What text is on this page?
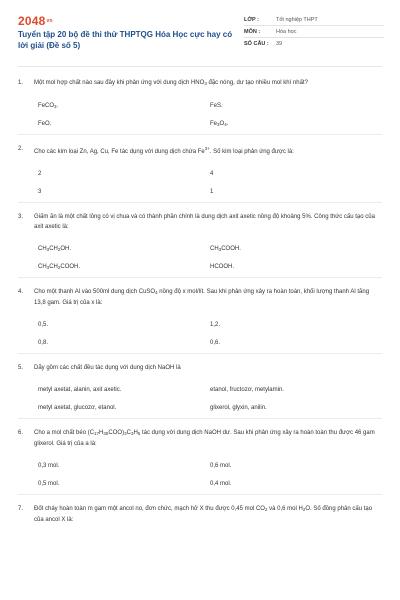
$2048^{vn}$
Tuyển tập 20 bộ đề thi thử THPTQG Hóa Học cực hay có lời giải (Đề số 5)
LỚP :	Tốt nghiệp THPT
MÔN :	Hóa học
SỐ CÂU :	39
1.	Một mol hợp chất nào sau đây khi phản ứng với dung dịch $HNO_3$ đặc nóng, dư tạo nhiều mol khí nhất?
FeCO$_3$.	FeS.
FeO.	$Fe_3O_4$.
2.	Cho các kim loại Zn, Ag, Cu, Fe tác dụng với dung dịch chứa $Fe^{3+}$. Số kim loại phản ứng được là:
2	4
3	1
3.	Giấm ăn là một chất lỏng có vị chua và có thành phần chính là dung dịch axit axetic nồng độ khoảng 5%. Công thức cấu tạo của axit axetic là:
$CH_3CH_2OH$.	$CH_3COOH$.
$CH_3CH_2COOH$.	HCOOH.
4.	Cho một thanh Al vào 500ml dung dịch CuSO$_4$ nồng độ x mol/lít. Sau khi phản ứng xảy ra hoàn toàn, khối lượng thanh Al tăng 13,8 gam. Giá trị của x là:
0,5.	1,2.
0,8.	0,6.
5.	Dãy gồm các chất đều tác dụng với dung dịch NaOH là
metyl axetat, alanin, axit axetic.	etanol, fructozơ, metylamin.
metyl axetat, glucozơ, etanol.	glixerol, glyxin, anilin.
6.	Cho a mol chất béo $(C_{17}H_{35}COO)_3C_3H_5$ tác dụng với dung dịch NaOH dư. Sau khi phản ứng xảy ra hoàn toàn thu được 46 gam glixerol. Giá trị của a là:
0,3 mol.	0,6 mol.
0,5 mol.	0,4 mol.
7.	Đốt cháy hoàn toàn m gam một ancol no, đơn chức, mạch hở X thu được 0,45 mol $CO_2$ và 0,6 mol $H_2O$. Số đồng phân cấu tạo của ancol X là:
